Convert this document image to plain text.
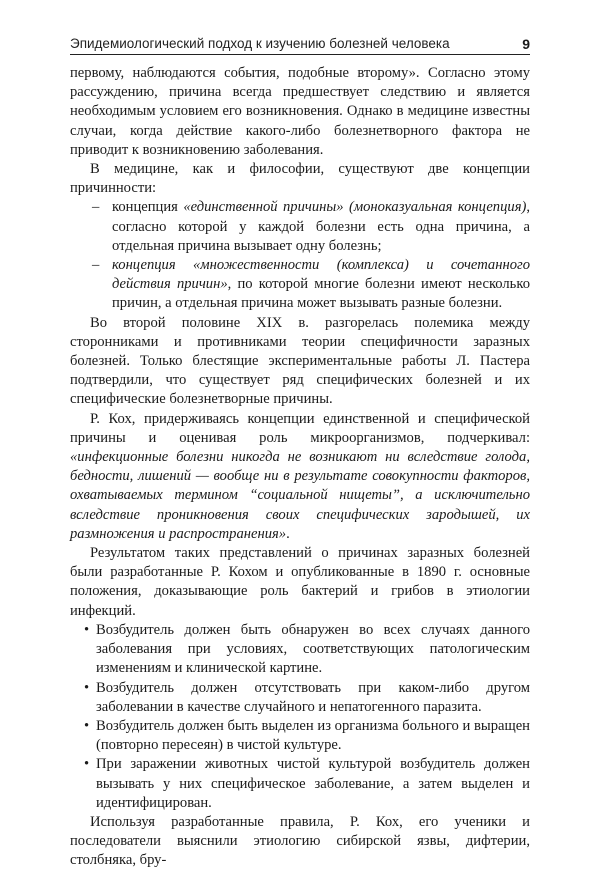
Эпидемиологический подход к изучению болезней человека	9

первому, наблюдаются события, подобные второму». Согласно этому рассуждению, причина всегда предшествует следствию и является необходимым условием его возникновения. Однако в медицине известны случаи, когда действие какого-либо болезнетворного фактора не приводит к возникновению заболевания.

В медицине, как и философии, существуют две концепции причинности:

– концепция «единственной причины» (моноказуальная концепция), согласно которой у каждой болезни есть одна причина, а отдельная причина вызывает одну болезнь;
– концепция «множественности (комплекса) и сочетанного действия причин», по которой многие болезни имеют несколько причин, а отдельная причина может вызывать разные болезни.

Во второй половине XIX в. разгорелась полемика между сторонниками и противниками теории специфичности заразных болезней. Только блестящие экспериментальные работы Л. Пастера подтвердили, что существует ряд специфических болезней и их специфические болезнетворные причины.

Р. Кох, придерживаясь концепции единственной и специфической причины и оценивая роль микроорганизмов, подчеркивал: «инфекционные болезни никогда не возникают ни вследствие голода, бедности, лишений — вообще ни в результате совокупности факторов, охватываемых термином “социальной нищеты”, а исключительно вследствие проникновения своих специфических зародышей, их размножения и распространения».

Результатом таких представлений о причинах заразных болезней были разработанные Р. Кохом и опубликованные в 1890 г. основные положения, доказывающие роль бактерий и грибов в этиологии инфекций.

• Возбудитель должен быть обнаружен во всех случаях данного заболевания при условиях, соответствующих патологическим изменениям и клинической картине.
• Возбудитель должен отсутствовать при каком-либо другом заболевании в качестве случайного и непатогенного паразита.
• Возбудитель должен быть выделен из организма больного и выращен (повторно пересеян) в чистой культуре.
• При заражении животных чистой культурой возбудитель должен вызывать у них специфическое заболевание, а затем выделен и идентифицирован.

Используя разработанные правила, Р. Кох, его ученики и последователи выяснили этиологию сибирской язвы, дифтерии, столбняка, бру-
